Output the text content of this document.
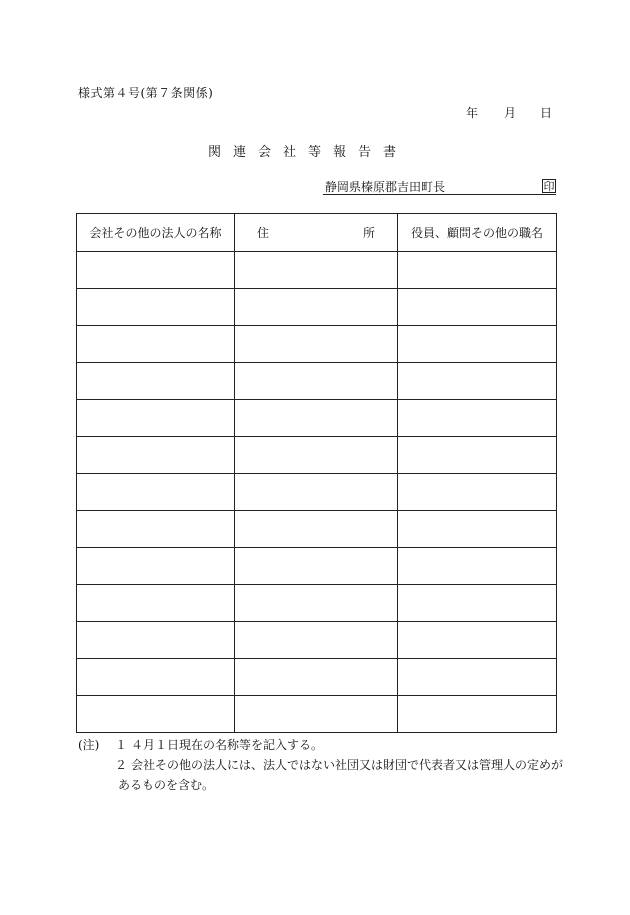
様式第４号(第７条関係)
年 月 日
関連会社等報告書
静岡県榛原郡吉田町長	印
会社その他の法人の名称	住 所	役員、顧問その他の職名

(注) １ ４月１日現在の名称等を記入する。
２ 会社その他の法人には、法人ではない社団又は財団で代表者又は管理人の定めが
あるものを含む。
